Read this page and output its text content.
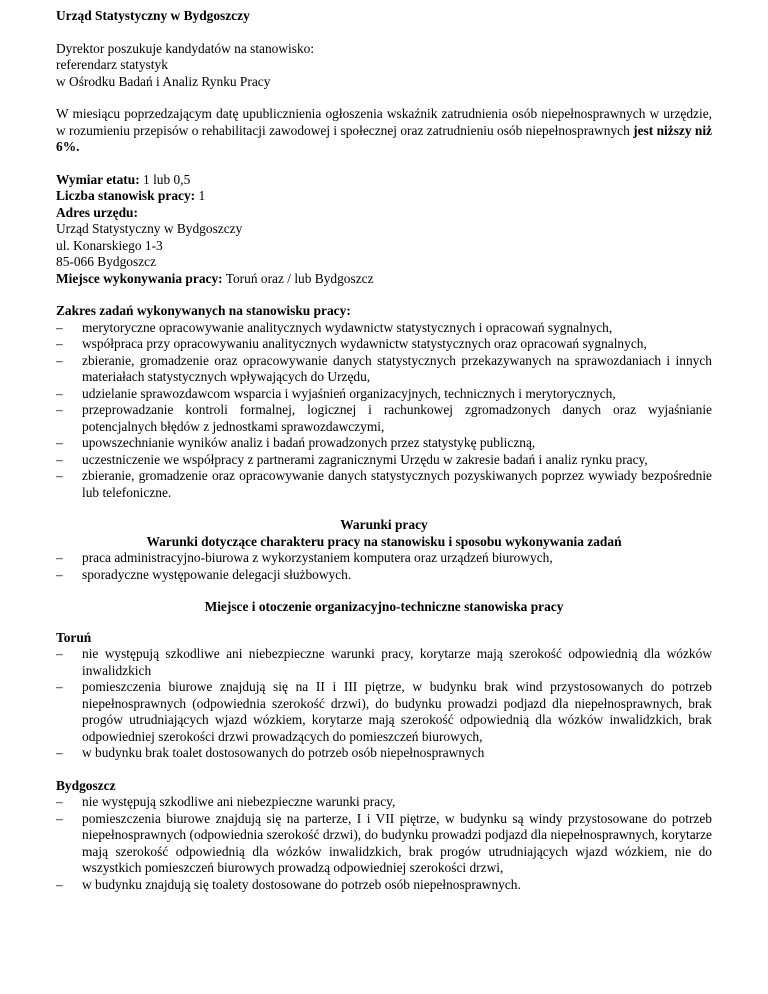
Urząd Statystyczny w Bydgoszczy

Dyrektor poszukuje kandydatów na stanowisko:

referendarz statystyk

w Ośrodku Badań i Analiz Rynku Pracy

W miesiącu poprzedzającym datę upublicznienia ogłoszenia wskaźnik zatrudnienia osób niepełnosprawnych w urzędzie, w rozumieniu przepisów o rehabilitacji zawodowej i społecznej oraz zatrudnieniu osób niepełnosprawnych jest niższy niż 6%.

Wymiar etatu: 1 lub 0,5

Liczba stanowisk pracy: 1

Adres urzędu:

Urząd Statystyczny w Bydgoszczy

ul. Konarskiego 1-3

85-066 Bydgoszcz

Miejsce wykonywania pracy: Toruń oraz / lub Bydgoszcz

Zakres zadań wykonywanych na stanowisku pracy:

– merytoryczne opracowywanie analitycznych wydawnictw statystycznych i opracowań sygnalnych,
– współpraca przy opracowywaniu analitycznych wydawnictw statystycznych oraz opracowań sygnalnych,
– zbieranie, gromadzenie oraz opracowywanie danych statystycznych przekazywanych na sprawozdaniach i innych materiałach statystycznych wpływających do Urzędu,
– udzielanie sprawozdawcom wsparcia i wyjaśnień organizacyjnych, technicznych i merytorycznych,
– przeprowadzanie kontroli formalnej, logicznej i rachunkowej zgromadzonych danych oraz wyjaśnianie potencjalnych błędów z jednostkami sprawozdawczymi,
– upowszechnianie wyników analiz i badań prowadzonych przez statystykę publiczną,
– uczestniczenie we współpracy z partnerami zagranicznymi Urzędu w zakresie badań i analiz rynku pracy,
– zbieranie, gromadzenie oraz opracowywanie danych statystycznych pozyskiwanych poprzez wywiady bezpośrednie lub telefoniczne.

Warunki pracy

Warunki dotyczące charakteru pracy na stanowisku i sposobu wykonywania zadań

– praca administracyjno-biurowa z wykorzystaniem komputera oraz urządzeń biurowych,
– sporadyczne występowanie delegacji służbowych.

Miejsce i otoczenie organizacyjno-techniczne stanowiska pracy

Toruń

– nie występują szkodliwe ani niebezpieczne warunki pracy, korytarze mają szerokość odpowiednią dla wózków inwalidzkich
– pomieszczenia biurowe znajdują się na II i III piętrze, w budynku brak wind przystosowanych do potrzeb niepełnosprawnych (odpowiednia szerokość drzwi), do budynku prowadzi podjazd dla niepełnosprawnych, brak progów utrudniających wjazd wózkiem, korytarze mają szerokość odpowiednią dla wózków inwalidzkich, brak odpowiedniej szerokości drzwi prowadzących do pomieszczeń biurowych,
– w budynku brak toalet dostosowanych do potrzeb osób niepełnosprawnych

Bydgoszcz

– nie występują szkodliwe ani niebezpieczne warunki pracy,
– pomieszczenia biurowe znajdują się na parterze, I i VII piętrze, w budynku są windy przystosowane do potrzeb niepełnosprawnych (odpowiednia szerokość drzwi), do budynku prowadzi podjazd dla niepełnosprawnych, korytarze mają szerokość odpowiednią dla wózków inwalidzkich, brak progów utrudniających wjazd wózkiem, nie do wszystkich pomieszczeń biurowych prowadzą odpowiedniej szerokości drzwi,
– w budynku znajdują się toalety dostosowane do potrzeb osób niepełnosprawnych.
